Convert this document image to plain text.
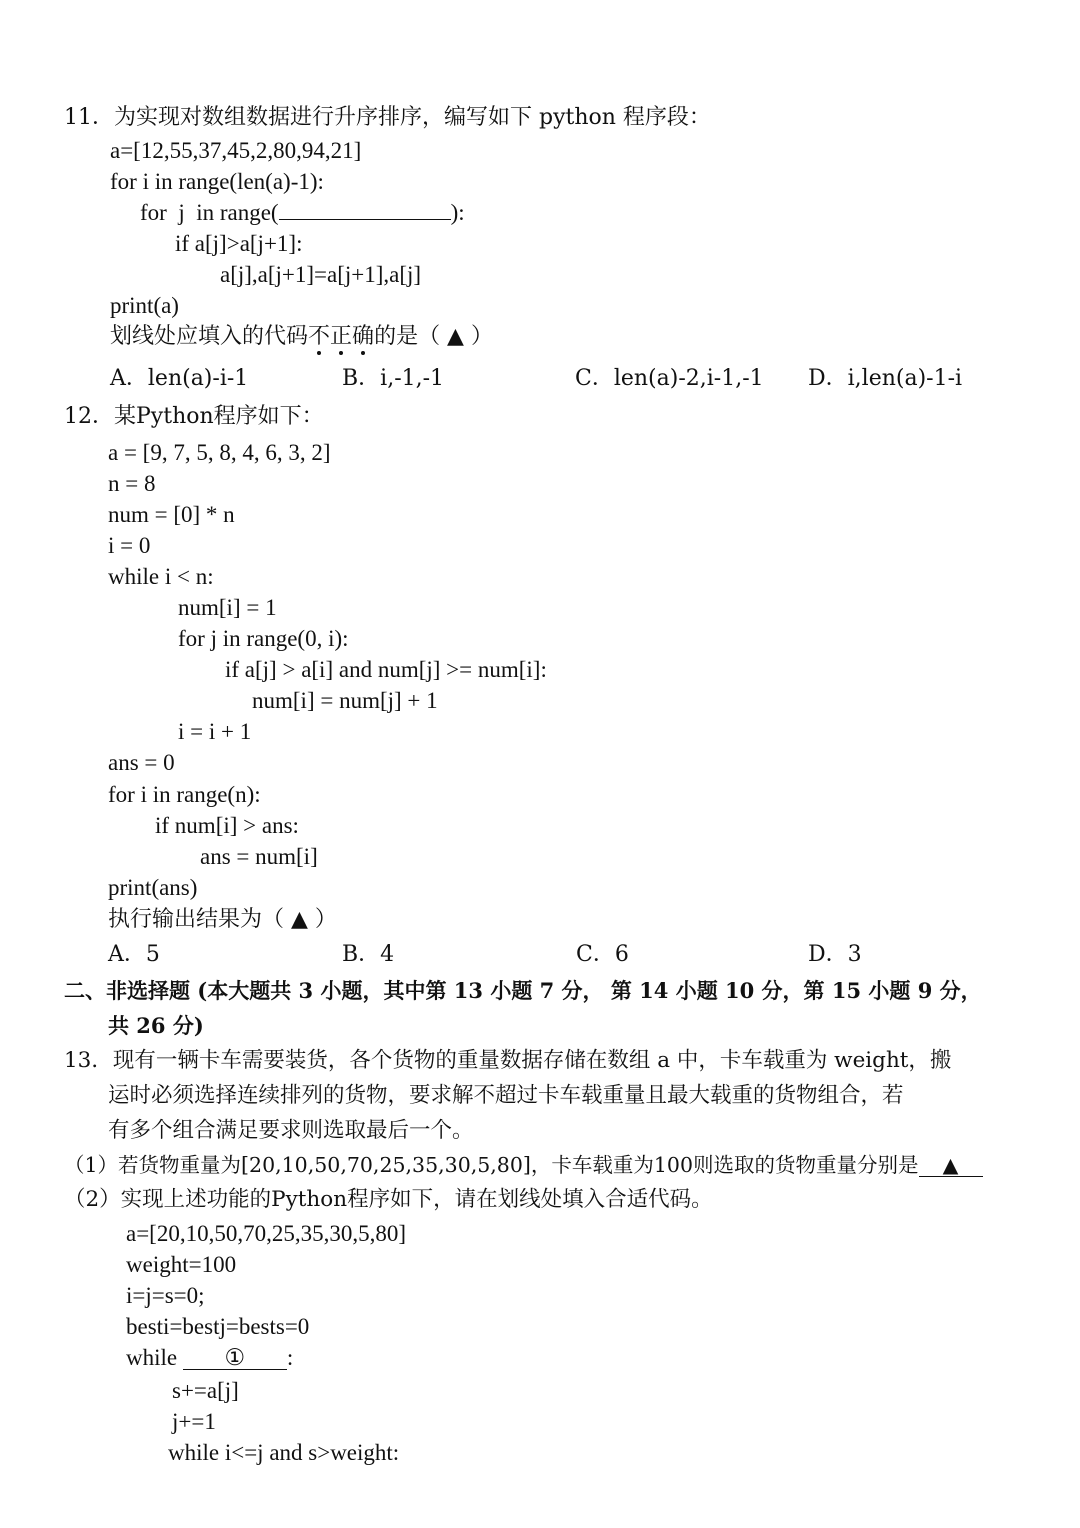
11．为实现对数组数据进行升序排序，编写如下 python 程序段：
a=[12,55,37,45,2,80,94,21]
for i in range(len(a)-1):
for  j  in range(	):
if a[j]>a[j+1]:
a[j],a[j+1]=a[j+1],a[j]
print(a)
划线处应填入的代码不正确的是（ ▲ ）
A．len(a)-i-1	B．i,-1,-1	C．len(a)-2,i-1,-1 D．i,len(a)-1-i
12．某Python程序如下：
a = [9, 7, 5, 8, 4, 6, 3, 2]
n = 8
num = [0] * n
i = 0
while i < n:
num[i] = 1
for j in range(0, i):
if a[j] > a[i] and num[j] >= num[i]:
num[i] = num[j] + 1
i = i + 1
ans = 0
for i in range(n):
if num[i] > ans:
ans = num[i]
print(ans)
执行输出结果为（ ▲ ）
A．5	B．4	C．6	D．3
二、非选择题 (本大题共 3 小题，其中第 13 小题 7 分， 第 14 小题 10 分，第 15 小题 9 分，
共 26 分)
13．现有一辆卡车需要装货，各个货物的重量数据存储在数组 a 中，卡车载重为 weight，搬
运时必须选择连续排列的货物，要求解不超过卡车载重量且最大载重的货物组合，若
有多个组合满足要求则选取最后一个。
（1）若货物重量为[20,10,50,70,25,35,30,5,80]，卡车载重为100则选取的货物重量分别是 ▲
（2）实现上述功能的Python程序如下，请在划线处填入合适代码。
a=[20,10,50,70,25,35,30,5,80]
weight=100
i=j=s=0;
besti=bestj=bests=0
while ① :
s+=a[j]
j+=1
while i<=j and s>weight:
